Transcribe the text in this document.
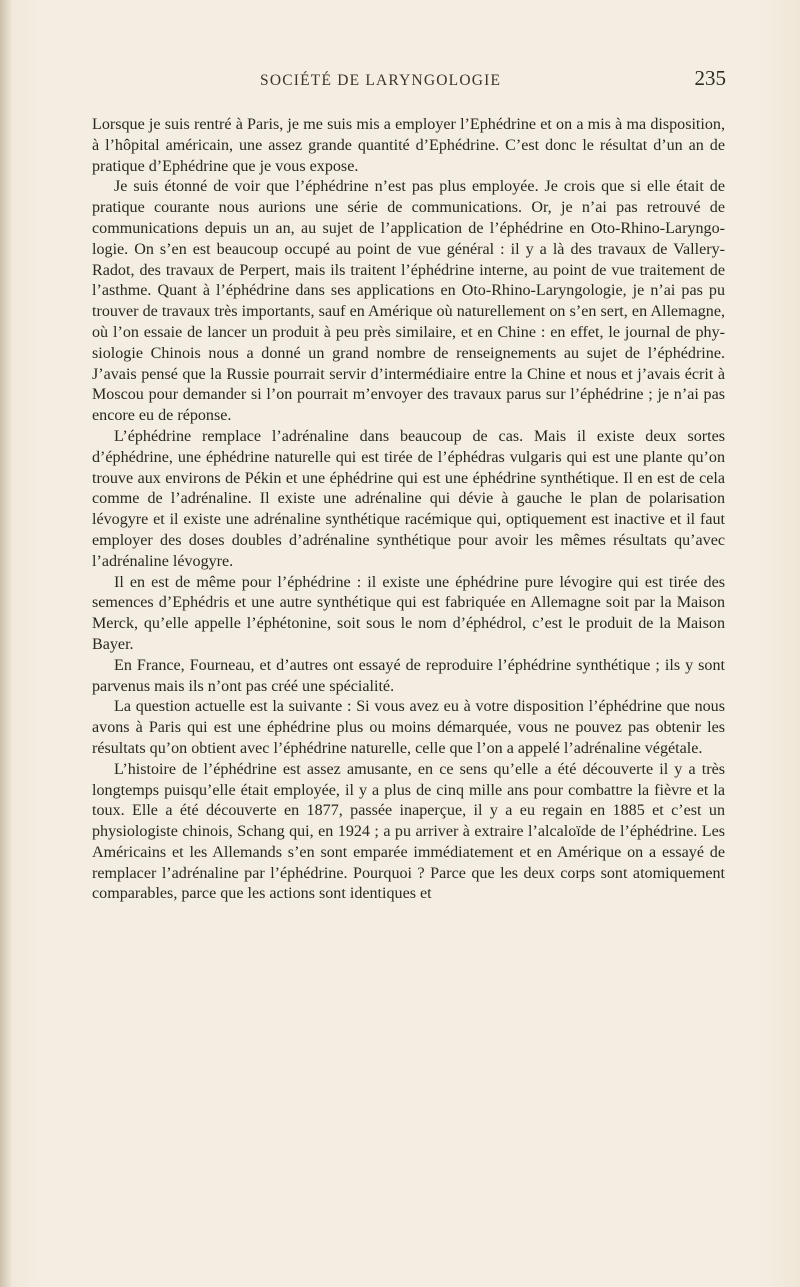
SOCIÉTÉ DE LARYNGOLOGIE	235

Lorsque je suis rentré à Paris, je me suis mis a employer l’Ephédrine et on a mis à ma disposition, à l’hôpital américain, une assez grande quantité d’Ephédrine. C’est donc le résultat d’un an de pratique d’Ephédrine que je vous expose.

Je suis étonné de voir que l’éphédrine n’est pas plus employée. Je crois que si elle était de pratique courante nous aurions une série de communications. Or, je n’ai pas retrouvé de communications depuis un an, au sujet de l’application de l’éphédrine en Oto-Rhino-Laryngologie. On s’en est beaucoup occupé au point de vue général : il y a là des travaux de Vallery-Radot, des travaux de Perpert, mais ils traitent l’éphédrine interne, au point de vue traitement de l’asthme. Quant à l’éphédrine dans ses applications en Oto-Rhino-Laryngologie, je n’ai pas pu trouver de travaux très importants, sauf en Amérique où naturellement on s’en sert, en Allemagne, où l’on essaie de lancer un produit à peu près similaire, et en Chine : en effet, le journal de physiologie Chinois nous a donné un grand nombre de renseignements au sujet de l’éphédrine. J’avais pensé que la Russie pourrait servir d’intermédiaire entre la Chine et nous et j’avais écrit à Moscou pour demander si l’on pourrait m’envoyer des travaux parus sur l’éphédrine ; je n’ai pas encore eu de réponse.

L’éphédrine remplace l’adrénaline dans beaucoup de cas. Mais il existe deux sortes d’éphédrine, une éphédrine naturelle qui est tirée de l’éphédras vulgaris qui est une plante qu’on trouve aux environs de Pékin et une éphédrine qui est une éphédrine synthétique. Il en est de cela comme de l’adrénaline. Il existe une adrénaline qui dévie à gauche le plan de polarisation lévogyre et il existe une adrénaline synthétique racémique qui, optiquement est inactive et il faut employer des doses doubles d’adrénaline synthétique pour avoir les mêmes résultats qu’avec l’adrénaline lévogyre.

Il en est de même pour l’éphédrine : il existe une éphédrine pure lévogire qui est tirée des semences d’Ephédris et une autre synthétique qui est fabriquée en Allemagne soit par la Maison Merck, qu’elle appelle l’éphétonine, soit sous le nom d’éphédrol, c’est le produit de la Maison Bayer.

En France, Fourneau, et d’autres ont essayé de reproduire l’éphédrine synthétique ; ils y sont parvenus mais ils n’ont pas créé une spécialité.

La question actuelle est la suivante : Si vous avez eu à votre disposition l’éphédrine que nous avons à Paris qui est une éphédrine plus ou moins démarquée, vous ne pouvez pas obtenir les résultats qu’on obtient avec l’éphédrine naturelle, celle que l’on a appelé l’adrénaline végétale.

L’histoire de l’éphédrine est assez amusante, en ce sens qu’elle a été découverte il y a très longtemps puisqu’elle était employée, il y a plus de cinq mille ans pour combattre la fièvre et la toux. Elle a été découverte en 1877, passée inaperçue, il y a eu regain en 1885 et c’est un physiologiste chinois, Schang qui, en 1924 ; a pu arriver à extraire l’alcaloïde de l’éphédrine. Les Américains et les Allemands s’en sont emparée immédiatement et en Amérique on a essayé de remplacer l’adrénaline par l’éphédrine. Pourquoi ? Parce que les deux corps sont atomiquement comparables, parce que les actions sont identiques et
